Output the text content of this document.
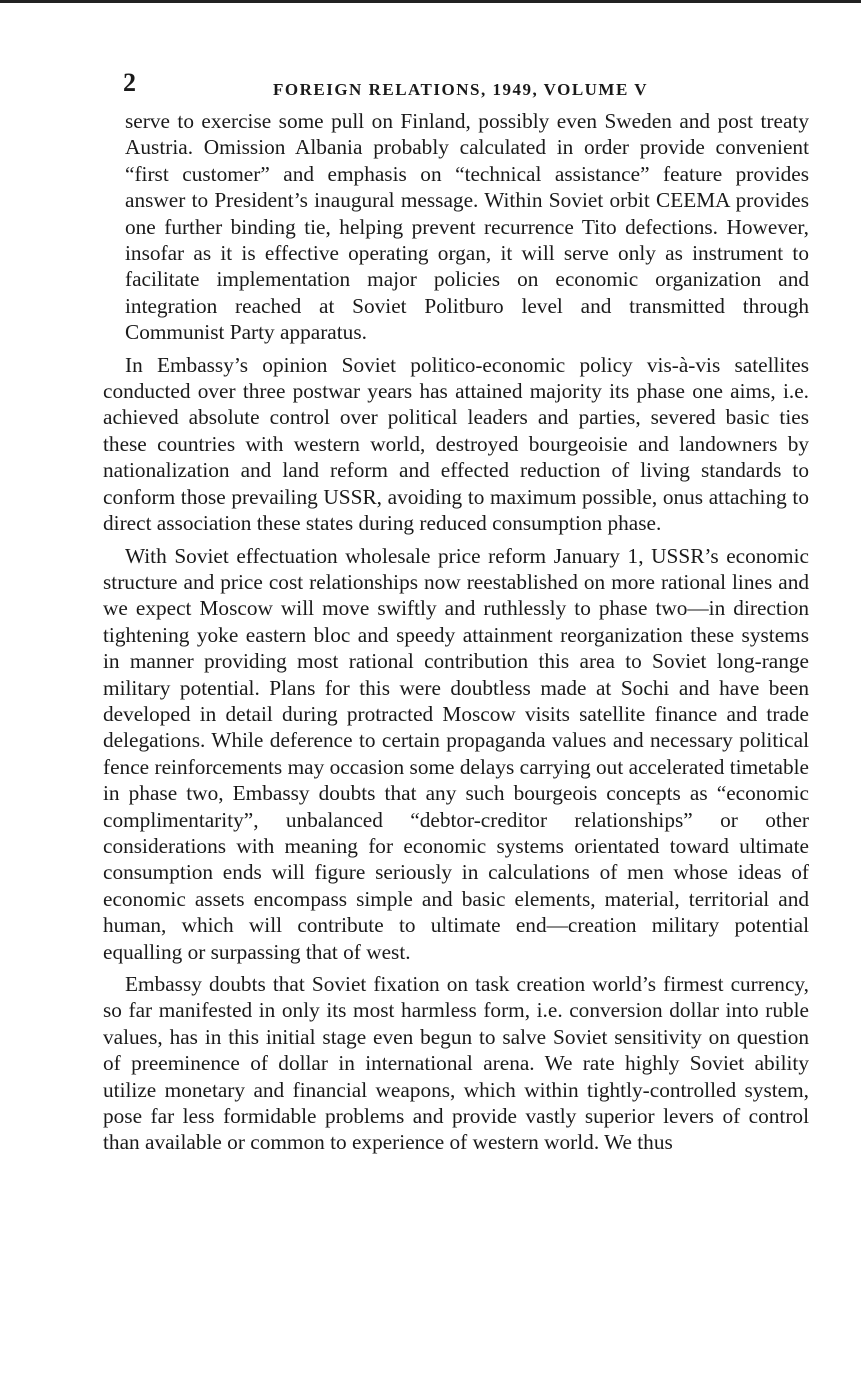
2	FOREIGN RELATIONS, 1949, VOLUME V

serve to exercise some pull on Finland, possibly even Sweden and post treaty Austria. Omission Albania probably calculated in order provide convenient “first customer” and emphasis on “technical assistance” feature provides answer to President’s inaugural message. Within Soviet orbit CEEMA provides one further binding tie, helping prevent recurrence Tito defections. However, insofar as it is effective operating organ, it will serve only as instrument to facilitate implementation major policies on economic organization and integration reached at Soviet Politburo level and transmitted through Communist Party apparatus.

In Embassy’s opinion Soviet politico-economic policy vis-à-vis satellites conducted over three postwar years has attained majority its phase one aims, i.e. achieved absolute control over political leaders and parties, severed basic ties these countries with western world, destroyed bourgeoisie and landowners by nationalization and land reform and effected reduction of living standards to conform those prevailing USSR, avoiding to maximum possible, onus attaching to direct association these states during reduced consumption phase.

With Soviet effectuation wholesale price reform January 1, USSR’s economic structure and price cost relationships now reestablished on more rational lines and we expect Moscow will move swiftly and ruthlessly to phase two—in direction tightening yoke eastern bloc and speedy attainment reorganization these systems in manner providing most rational contribution this area to Soviet long-range military potential. Plans for this were doubtless made at Sochi and have been developed in detail during protracted Moscow visits satellite finance and trade delegations. While deference to certain propaganda values and necessary political fence reinforcements may occasion some delays carrying out accelerated timetable in phase two, Embassy doubts that any such bourgeois concepts as “economic complimentarity”, unbalanced “debtor-creditor relationships” or other considerations with meaning for economic systems orientated toward ultimate consumption ends will figure seriously in calculations of men whose ideas of economic assets encompass simple and basic elements, material, territorial and human, which will contribute to ultimate end—creation military potential equalling or surpassing that of west.

Embassy doubts that Soviet fixation on task creation world’s firmest currency, so far manifested in only its most harmless form, i.e. conversion dollar into ruble values, has in this initial stage even begun to salve Soviet sensitivity on question of preeminence of dollar in international arena. We rate highly Soviet ability utilize monetary and financial weapons, which within tightly-controlled system, pose far less formidable problems and provide vastly superior levers of control than available or common to experience of western world. We thus
